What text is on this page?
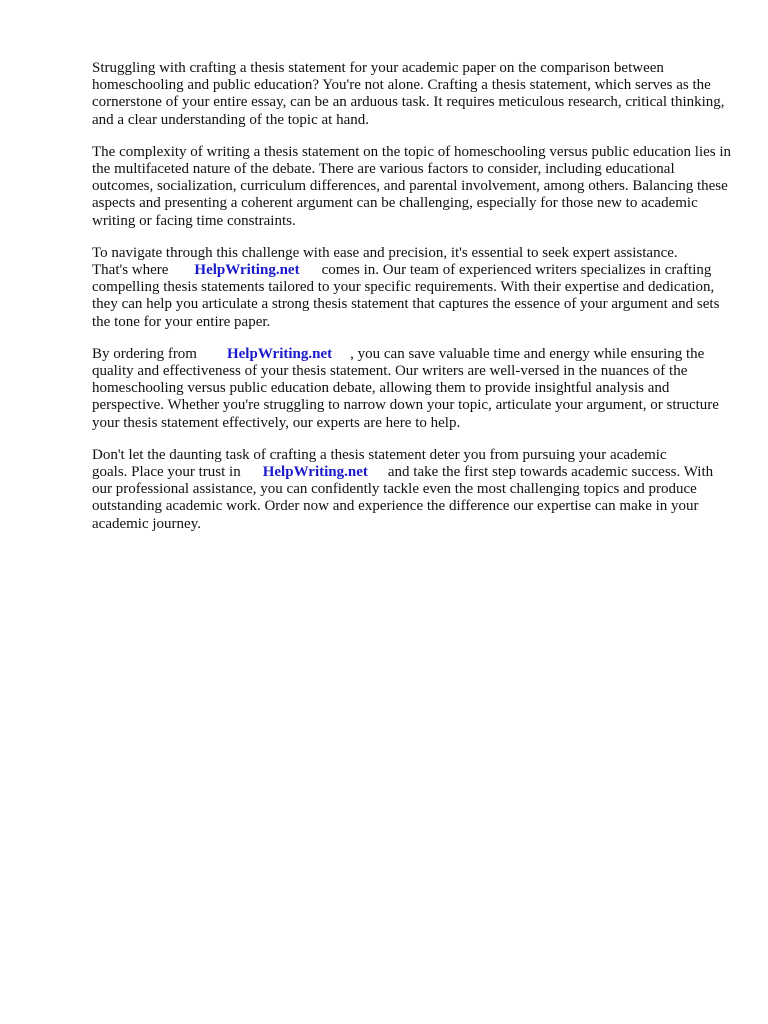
Struggling with crafting a thesis statement for your academic paper on the comparison between homeschooling and public education? You're not alone. Crafting a thesis statement, which serves as the cornerstone of your entire essay, can be an arduous task. It requires meticulous research, critical thinking, and a clear understanding of the topic at hand.

The complexity of writing a thesis statement on the topic of homeschooling versus public education lies in the multifaceted nature of the debate. There are various factors to consider, including educational outcomes, socialization, curriculum differences, and parental involvement, among others. Balancing these aspects and presenting a coherent argument can be challenging, especially for those new to academic writing or facing time constraints.

To navigate through this challenge with ease and precision, it's essential to seek expert assistance.
That's where HelpWriting.net comes in. Our team of experienced writers specializes in crafting compelling thesis statements tailored to your specific requirements. With their expertise and dedication, they can help you articulate a strong thesis statement that captures the essence of your argument and sets the tone for your entire paper.

By ordering from HelpWriting.net , you can save valuable time and energy while ensuring the quality and effectiveness of your thesis statement. Our writers are well-versed in the nuances of the homeschooling versus public education debate, allowing them to provide insightful analysis and perspective. Whether you're struggling to narrow down your topic, articulate your argument, or structure your thesis statement effectively, our experts are here to help.

Don't let the daunting task of crafting a thesis statement deter you from pursuing your academic
goals. Place your trust in HelpWriting.net and take the first step towards academic success. With our professional assistance, you can confidently tackle even the most challenging topics and produce outstanding academic work. Order now and experience the difference our expertise can make in your academic journey.
